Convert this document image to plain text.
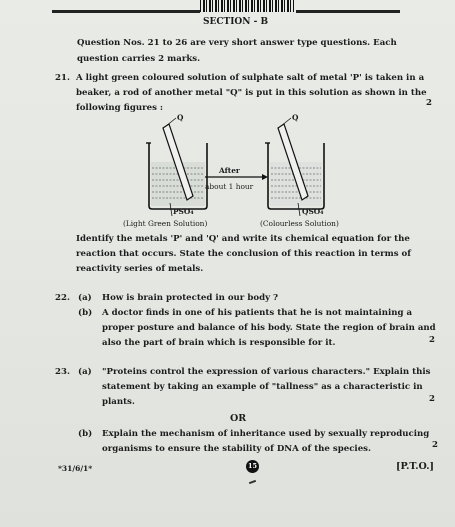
SECTION - B
Question Nos. 21 to 26 are very short answer type questions. Each
question carries 2 marks.
21. A light green coloured solution of sulphate salt of metal 'P' is taken in a
beaker, a rod of another metal "Q" is put in this solution as shown in the
following figures :	2
Q	Q
After
about 1 hour
PSO₄	QSO₄
(Light Green Solution)	(Colourless Solution)
Identify the metals 'P' and 'Q' and write its chemical equation for the
reaction that occurs. State the conclusion of this reaction in terms of
reactivity series of metals.
22. (a) How is brain protected in our body ?
(b) A doctor finds in one of his patients that he is not maintaining a
proper posture and balance of his body. State the region of brain and
also the part of brain which is responsible for it.	2
23. (a) "Proteins control the expression of various characters." Explain this
statement by taking an example of "tallness" as a characteristic in
plants.	2
OR
(b) Explain the mechanism of inheritance used by sexually reproducing
organisms to ensure the stability of DNA of the species.	2
*31/6/1*	15	[P.T.O.]
